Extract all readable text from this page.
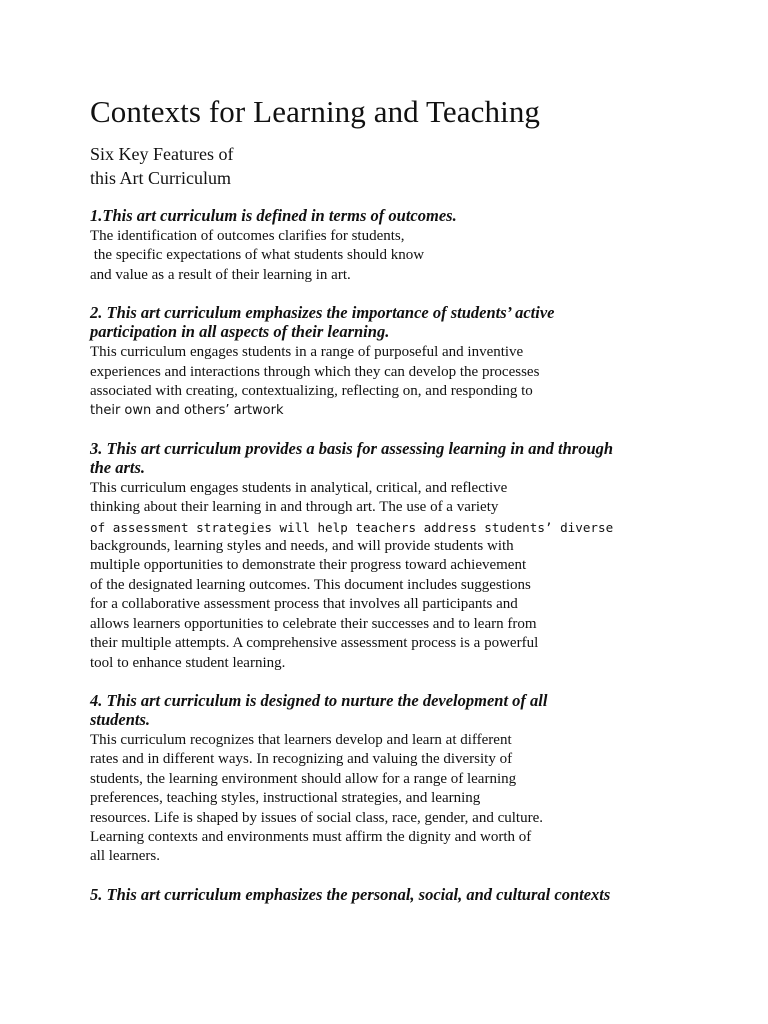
Contexts for Learning and Teaching
Six Key Features of
this Art Curriculum
1.This art curriculum is defined in terms of outcomes.
The identification of outcomes clarifies for students,
the specific expectations of what students should know
and value as a result of their learning in art.
2. This art curriculum emphasizes the importance of students’ active
participation in all aspects of their learning.
This curriculum engages students in a range of purposeful and inventive
experiences and interactions through which they can develop the processes
associated with creating, contextualizing, reflecting on, and responding to
their own and others’ artwork
3. This art curriculum provides a basis for assessing learning in and through
the arts.
This curriculum engages students in analytical, critical, and reflective
thinking about their learning in and through art. The use of a variety
of assessment strategies will help teachers address students’ diverse
backgrounds, learning styles and needs, and will provide students with
multiple opportunities to demonstrate their progress toward achievement
of the designated learning outcomes. This document includes suggestions
for a collaborative assessment process that involves all participants and
allows learners opportunities to celebrate their successes and to learn from
their multiple attempts. A comprehensive assessment process is a powerful
tool to enhance student learning.
4. This art curriculum is designed to nurture the development of all
students.
This curriculum recognizes that learners develop and learn at different
rates and in different ways. In recognizing and valuing the diversity of
students, the learning environment should allow for a range of learning
preferences, teaching styles, instructional strategies, and learning
resources. Life is shaped by issues of social class, race, gender, and culture.
Learning contexts and environments must affirm the dignity and worth of
all learners.
5. This art curriculum emphasizes the personal, social, and cultural contexts
